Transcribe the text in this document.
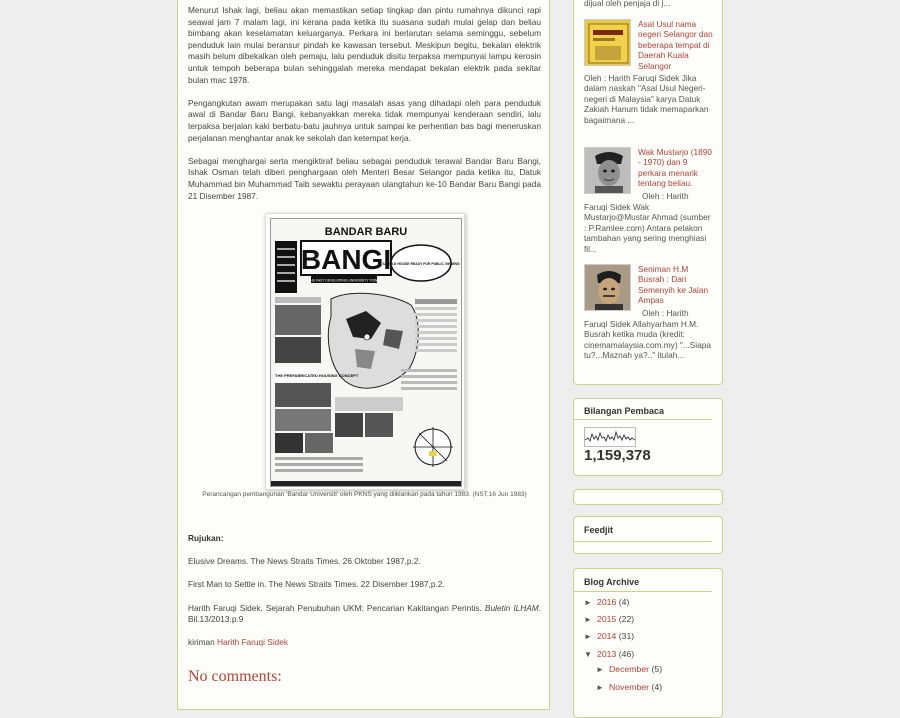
Menurut Ishak lagi, beliau akan memastikan setiap tingkap dan pintu rumahnya dikunci rapi seawal jam 7 malam lagi, ini kerana pada ketika itu suasana sudah mulai gelap dan beliau bimbang akan keselamatan keluarganya. Perkara ini berlarutan selama seminggu, sebelum penduduk lain mulai beransur pindah ke kawasan tersebut. Meskipun begitu, bekalan elektrik masih belum dibekalkan oleh pemaju, lalu penduduk disitu terpaksa mempunyai lampu kerosin untuk tempoh beberapa bulan sehinggalah mereka mendapat bekalan elektrik pada sekitar bulan mac 1978.

Pengangkutan awam merupakan satu lagi masalah asas yang dihadapi oleh para penduduk awal di Bandar Baru Bangi, kebanyakkan mereka tidak mempunyai kenderaan sendiri, lalu terpaksa berjalan kaki berbatu-batu jauhnya untuk sampai ke perhentian bas bagi meneruskan perjalanan menghantar anak ke sekolah dan ketempat kerja.

Sebagai menghargai serta mengiktiraf beliau sebagai penduduk terawal Bandar Baru Bangi, Ishak Osman telah diberi penghargaan oleh Menteri Besar Selangor pada ketika itu, Datuk Muhammad bin Muhammad Taib sewaktu perayaan ulangtahun ke-10 Bandar Baru Bangi pada 21 Disember 1987.

BANDAR BARU
BANGI
THE FAST DEVELOPING UNIVERSITY TOWN
SAMPLE HOUSE READY FOR PUBLIC VIEWING
THE PREFABRICATED HOUSING CONCEPT
Perancangan pembangunan 'Bandar Universiti' oleh PKNS yang diiklankan pada tahun 1983. (NST,16 Jun 1983)

Rujukan:

Elusive Dreams. The News Straits Times. 26 Oktober 1987,p.2.

First Man to Settle in. The News Straits Times. 22 Disember 1987,p.2.

Harith Faruqi Sidek. Sejarah Penubuhan UKM: Pencarian Kakitangan Perintis. Buletin ILHAM. Bil.13/2013.p.9

kiriman Harith Faruqi Sidek

No comments:
dijual oleh penjaja di j...
Asal Usul nama negeri Selangor dan beberapa tempat di Daerah Kuala Selangor
Oleh : Harith Faruqi Sidek Jika dalam naskah "Asal Usul Negeri-negeri di Malaysia" karya Datuk Zakiah Hanum tidak memaparkan bagaimana ...
Wak Mustarjo (1890 - 1970) dan 9 perkara menarik tentang beliau.
Oleh : Harith
Faruqi Sidek Wak Mustarjo@Mustar Ahmad (sumber : P.Ramlee.com) Antara pelakon tambahan yang sering menghiasi fil...
Seniman H.M Busrah : Dari Semenyih ke Jalan Ampas
Oleh : Harith
Faruqi Sidek Allahyarham H.M. Busrah ketika muda (kredit: cinemamalaysia.com.my) "...Siapa tu?...Maznah ya?.." itulah...
Bilangan Pembaca
1,159,378
Feedjit
Blog Archive
► 2016 (4)
► 2015 (22)
► 2014 (31)
▼ 2013 (46)
► December (5)
► November (4)
